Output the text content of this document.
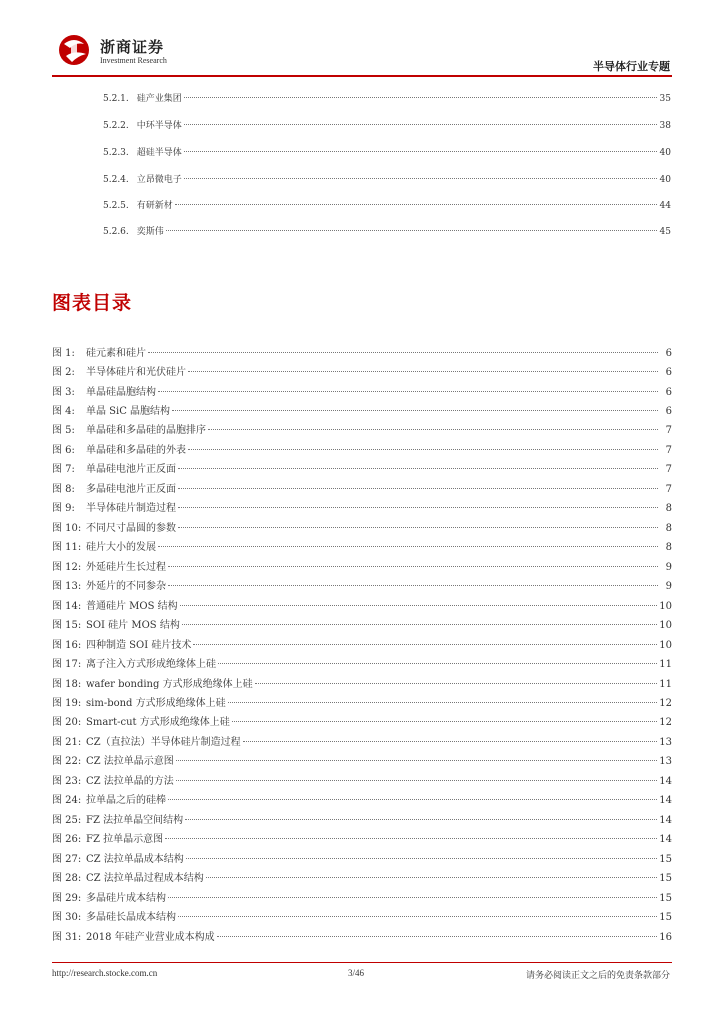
浙商证券
Investment Research	半导体行业专题
5.2.1. 硅产业集团	35
5.2.2. 中环半导体	38
5.2.3. 超硅半导体	40
5.2.4. 立昂微电子	40
5.2.5. 有研新材	44
5.2.6. 奕斯伟	45
图表目录
图 1:	硅元素和硅片	6
图 2:	半导体硅片和光伏硅片	6
图 3:	单晶硅晶胞结构	6
图 4:	单晶 SiC 晶胞结构	6
图 5:	单晶硅和多晶硅的晶胞排序	7
图 6:	单晶硅和多晶硅的外表	7
图 7:	单晶硅电池片正反面	7
图 8:	多晶硅电池片正反面	7
图 9:	半导体硅片制造过程	8
图 10: 不同尺寸晶圆的参数	8
图 11: 硅片大小的发展	8
图 12: 外延硅片生长过程	9
图 13: 外延片的不同参杂	9
图 14: 普通硅片 MOS 结构	10
图 15: SOI 硅片 MOS 结构	10
图 16: 四种制造 SOI 硅片技术	10
图 17: 离子注入方式形成绝缘体上硅	11
图 18: wafer bonding 方式形成绝缘体上硅	11
图 19: sim-bond 方式形成绝缘体上硅	12
图 20: Smart-cut 方式形成绝缘体上硅	12
图 21: CZ（直拉法）半导体硅片制造过程	13
图 22: CZ 法拉单晶示意图	13
图 23: CZ 法拉单晶的方法	14
图 24: 拉单晶之后的硅棒	14
图 25: FZ 法拉单晶空间结构	14
图 26: FZ 拉单晶示意图	14
图 27: CZ 法拉单晶成本结构	15
图 28: CZ 法拉单晶过程成本结构	15
图 29: 多晶硅片成本结构	15
图 30: 多晶硅长晶成本结构	15
图 31: 2018 年硅产业营业成本构成	16
http://research.stocke.com.cn	3/46	请务必阅读正文之后的免责条款部分
